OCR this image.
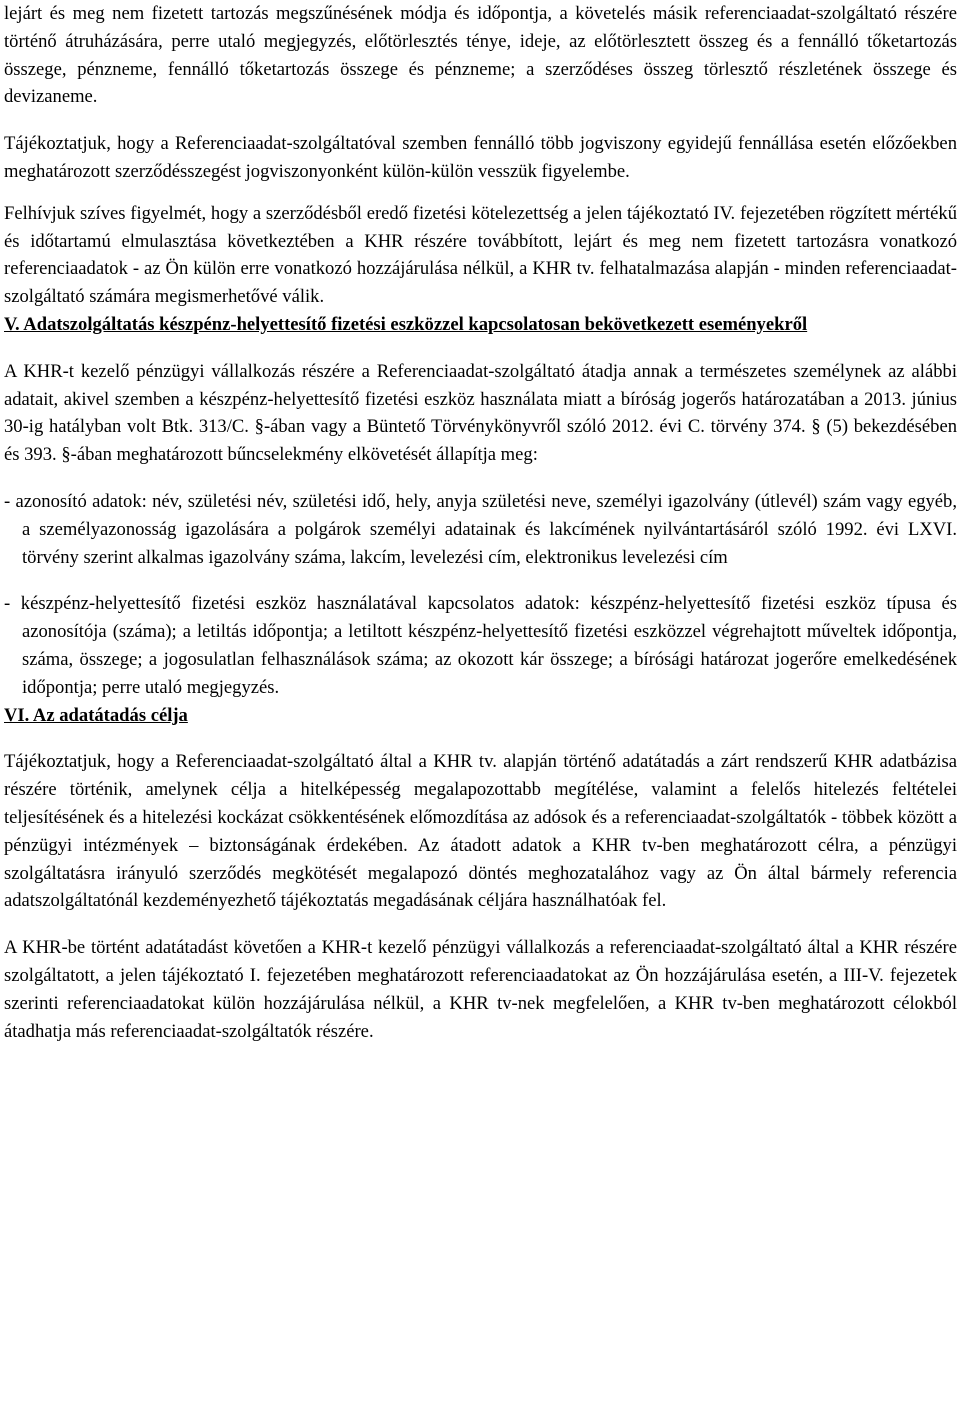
lejárt és meg nem fizetett tartozás megszűnésének módja és időpontja, a követelés másik referenciaadat-szolgáltató részére történő átruházására, perre utaló megjegyzés, előtörlesztés ténye, ideje, az előtörlesztett összeg és a fennálló tőketartozás összege, pénzneme, fennálló tőketartozás összege és pénzneme; a szerződéses összeg törlesztő részletének összege és devizaneme.

Tájékoztatjuk, hogy a Referenciaadat-szolgáltatóval szemben fennálló több jogviszony egyidejű fennállása esetén előzőekben meghatározott szerződésszegést jogviszonyonként külön-külön vesszük figyelembe.

Felhívjuk szíves figyelmét, hogy a szerződésből eredő fizetési kötelezettség a jelen tájékoztató IV. fejezetében rögzített mértékű és időtartamú elmulasztása következtében a KHR részére továbbított, lejárt és meg nem fizetett tartozásra vonatkozó referenciaadatok - az Ön külön erre vonatkozó hozzájárulása nélkül, a KHR tv. felhatalmazása alapján - minden referenciaadat-szolgáltató számára megismerhetővé válik.

V. Adatszolgáltatás készpénz-helyettesítő fizetési eszközzel kapcsolatosan bekövetkezett eseményekről

A KHR-t kezelő pénzügyi vállalkozás részére a Referenciaadat-szolgáltató átadja annak a természetes személynek az alábbi adatait, akivel szemben a készpénz-helyettesítő fizetési eszköz használata miatt a bíróság jogerős határozatában a 2013. június 30-ig hatályban volt Btk. 313/C. §-ában vagy a Büntető Törvénykönyvről szóló 2012. évi C. törvény 374. § (5) bekezdésében és 393. §-ában meghatározott bűncselekmény elkövetését állapítja meg:

- azonosító adatok: név, születési név, születési idő, hely, anyja születési neve, személyi igazolvány (útlevél) szám vagy egyéb, a személyazonosság igazolására a polgárok személyi adatainak és lakcímének nyilvántartásáról szóló 1992. évi LXVI. törvény szerint alkalmas igazolvány száma, lakcím, levelezési cím, elektronikus levelezési cím

- készpénz-helyettesítő fizetési eszköz használatával kapcsolatos adatok: készpénz-helyettesítő fizetési eszköz típusa és azonosítója (száma); a letiltás időpontja; a letiltott készpénz-helyettesítő fizetési eszközzel végrehajtott műveltek időpontja, száma, összege; a jogosulatlan felhasználások száma; az okozott kár összege; a bírósági határozat jogerőre emelkedésének időpontja; perre utaló megjegyzés.

VI. Az adatátadás célja

Tájékoztatjuk, hogy a Referenciaadat-szolgáltató által a KHR tv. alapján történő adatátadás a zárt rendszerű KHR adatbázisa részére történik, amelynek célja a hitelképesség megalapozottabb megítélése, valamint a felelős hitelezés feltételei teljesítésének és a hitelezési kockázat csökkentésének előmozdítása az adósok és a referenciaadat-szolgáltatók - többek között a pénzügyi intézmények – biztonságának érdekében. Az átadott adatok a KHR tv-ben meghatározott célra, a pénzügyi szolgáltatásra irányuló szerződés megkötését megalapozó döntés meghozatalához vagy az Ön által bármely referencia adatszolgáltatónál kezdeményezhető tájékoztatás megadásának céljára használhatóak fel.

A KHR-be történt adatátadást követően a KHR-t kezelő pénzügyi vállalkozás a referenciaadat-szolgáltató által a KHR részére szolgáltatott, a jelen tájékoztató I. fejezetében meghatározott referenciaadatokat az Ön hozzájárulása esetén, a III-V. fejezetek szerinti referenciaadatokat külön hozzájárulása nélkül, a KHR tv-nek megfelelően, a KHR tv-ben meghatározott célokból átadhatja más referenciaadat-szolgáltatók részére.
